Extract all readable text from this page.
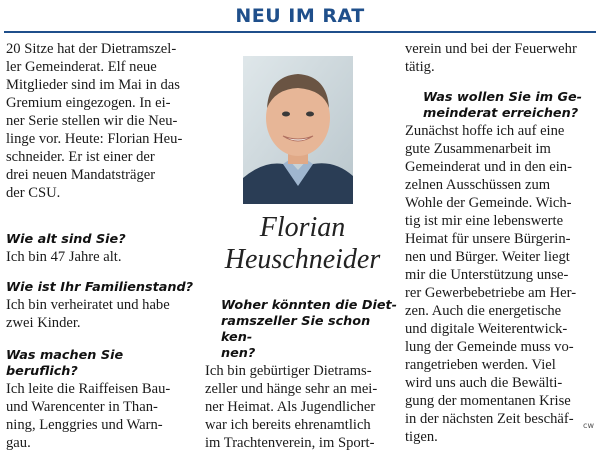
NEU IM RAT

20 Sitze hat der Dietramszel-
ler Gemeinderat. Elf neue
Mitglieder sind im Mai in das
Gremium eingezogen. In ei-
ner Serie stellen wir die Neu-
linge vor. Heute: Florian Heu-
schneider. Er ist einer der
drei neuen Mandatsträger
der CSU.

Wie alt sind Sie?

Ich bin 47 Jahre alt.

Wie ist Ihr Familienstand?

Ich bin verheiratet und habe
zwei Kinder.

Was machen Sie beruflich?

Ich leite die Raiffeisen Bau-
und Warencenter in Than-
ning, Lenggries und Warn-
gau.

Florian
Heuschneider

Woher könnten die Diet-
ramszeller Sie schon ken-
nen?

Ich bin gebürtiger Dietrams-
zeller und hänge sehr an mei-
ner Heimat. Als Jugendlicher
war ich bereits ehrenamtlich
im Trachtenverein, im Sport-

verein und bei der Feuerwehr
tätig.

Was wollen Sie im Ge-
meinderat erreichen?

Zunächst hoffe ich auf eine
gute Zusammenarbeit im
Gemeinderat und in den ein-
zelnen Ausschüssen zum
Wohle der Gemeinde. Wich-
tig ist mir eine lebenswerte
Heimat für unsere Bürgerin-
nen und Bürger. Weiter liegt
mir die Unterstützung unse-
rer Gewerbebetriebe am Her-
zen. Auch die energetische
und digitale Weiterentwick-
lung der Gemeinde muss vo-
rangetrieben werden. Viel
wird uns auch die Bewälti-
gung der momentanen Krise
in der nächsten Zeit beschäf-
tigen.

cw
